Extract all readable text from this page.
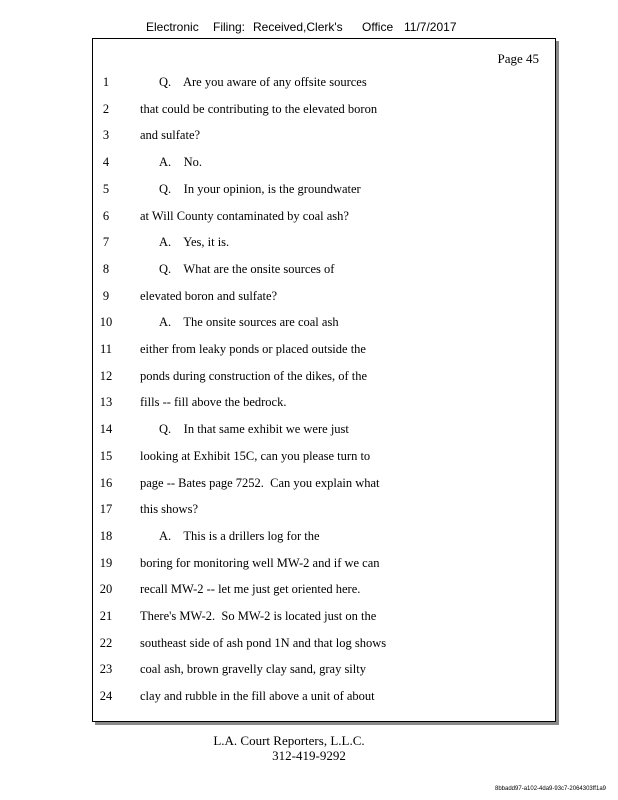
Electronic Filing: Received,Clerk's Office 11/7/2017
Page 45
1	Q.    Are you aware of any offsite sources
2	that could be contributing to the elevated boron
3	and sulfate?
4	A.    No.
5	Q.    In your opinion, is the groundwater
6	at Will County contaminated by coal ash?
7	A.    Yes, it is.
8	Q.    What are the onsite sources of
9	elevated boron and sulfate?
10	A.    The onsite sources are coal ash
11	either from leaky ponds or placed outside the
12	ponds during construction of the dikes, of the
13	fills -- fill above the bedrock.
14	Q.    In that same exhibit we were just
15	looking at Exhibit 15C, can you please turn to
16	page -- Bates page 7252.  Can you explain what
17	this shows?
18	A.    This is a drillers log for the
19	boring for monitoring well MW-2 and if we can
20	recall MW-2 -- let me just get oriented here.
21	There's MW-2.  So MW-2 is located just on the
22	southeast side of ash pond 1N and that log shows
23	coal ash, brown gravelly clay sand, gray silty
24	clay and rubble in the fill above a unit of about
L.A. Court Reporters, L.L.C.
312-419-9292
8bbadd97-a102-4da9-93c7-2064303ff1a9
